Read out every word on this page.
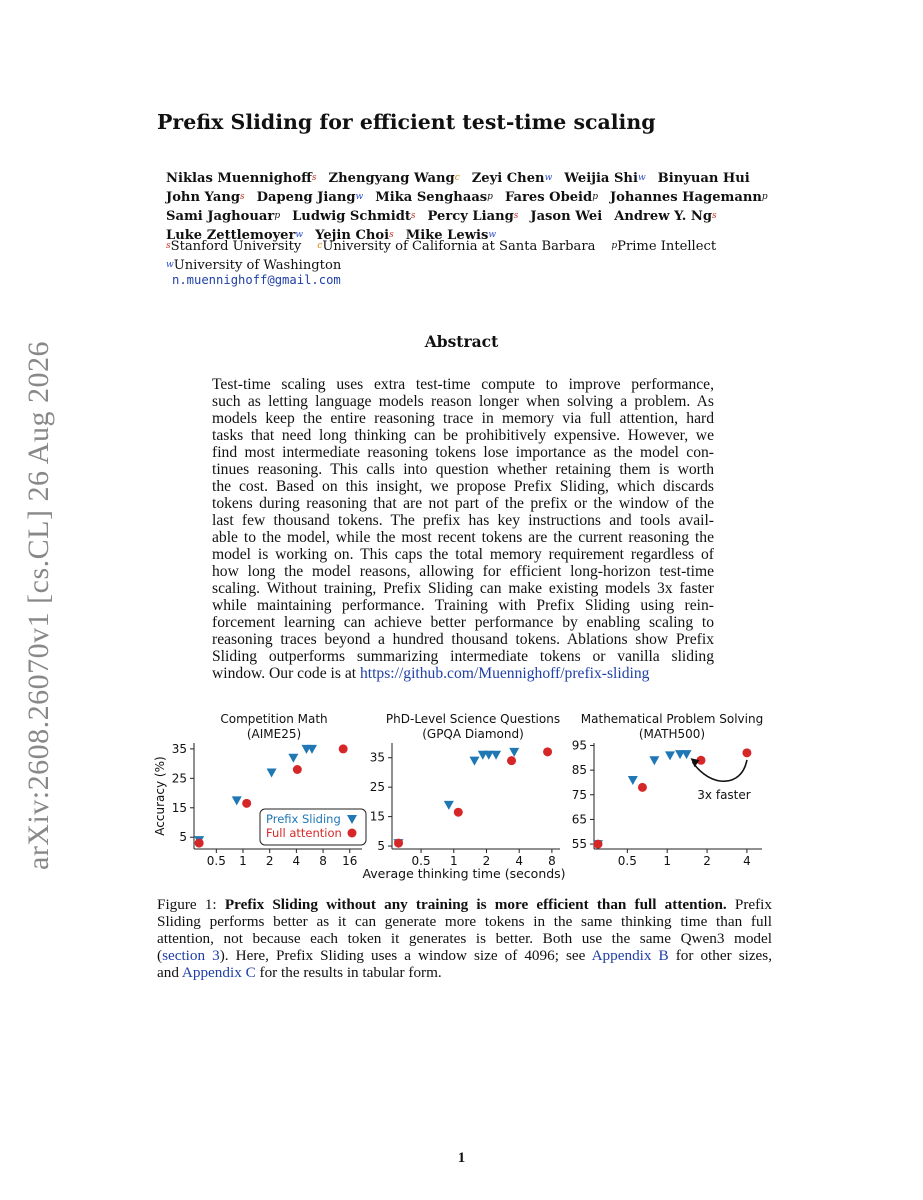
arXiv:2608.26070v1 [cs.CL] 26 Aug 2026
Prefix Sliding for efficient test-time scaling
Niklas Muennighoff$^s$ Zhengyang Wang$^c$ Zeyi Chen$^w$ Weijia Shi$^w$ Binyuan Hui
John Yang$^s$ Dapeng Jiang$^w$ Mika Senghaas$^p$ Fares Obeid$^p$ Johannes Hagemann$^p$
Sami Jaghouar$^p$ Ludwig Schmidt$^s$ Percy Liang$^s$ Jason Wei Andrew Y. Ng$^s$
Luke Zettlemoyer$^w$ Yejin Choi$^s$ Mike Lewis$^w$
$^s$Stanford University $^c$University of California at Santa Barbara $^p$Prime Intellect
$^w$University of Washington
n.muennighoff@gmail.com
Abstract
Test-time scaling uses extra test-time compute to improve performance,
such as letting language models reason longer when solving a problem. As
models keep the entire reasoning trace in memory via full attention, hard
tasks that need long thinking can be prohibitively expensive. However, we
find most intermediate reasoning tokens lose importance as the model con-
tinues reasoning. This calls into question whether retaining them is worth
the cost. Based on this insight, we propose Prefix Sliding, which discards
tokens during reasoning that are not part of the prefix or the window of the
last few thousand tokens. The prefix has key instructions and tools avail-
able to the model, while the most recent tokens are the current reasoning the
model is working on. This caps the total memory requirement regardless of
how long the model reasons, allowing for efficient long-horizon test-time
scaling. Without training, Prefix Sliding can make existing models 3x faster
while maintaining performance. Training with Prefix Sliding using rein-
forcement learning can achieve better performance by enabling scaling to
reasoning traces beyond a hundred thousand tokens. Ablations show Prefix
Sliding outperforms summarizing intermediate tokens or vanilla sliding
window. Our code is at https://github.com/Muennighoff/prefix-sliding
Competition Math
(AIME25)
5
15
25
35
0.5 1 2 4 8 16
Accuracy (%)	Prefix Sliding
Full attention
PhD-Level Science Questions
(GPQA Diamond)
5
15
25
35
0.5 1 2 4 8
Mathematical Problem Solving
(MATH500)
55
65
75
85
95
0.5 1	2	4
3x faster
Average thinking time (seconds)
Figure 1: Prefix Sliding without any training is more efficient than full attention. Prefix
Sliding performs better as it can generate more tokens in the same thinking time than full
attention, not because each token it generates is better. Both use the same Qwen3 model
(section 3). Here, Prefix Sliding uses a window size of 4096; see Appendix B for other sizes,
and Appendix C for the results in tabular form.
1
